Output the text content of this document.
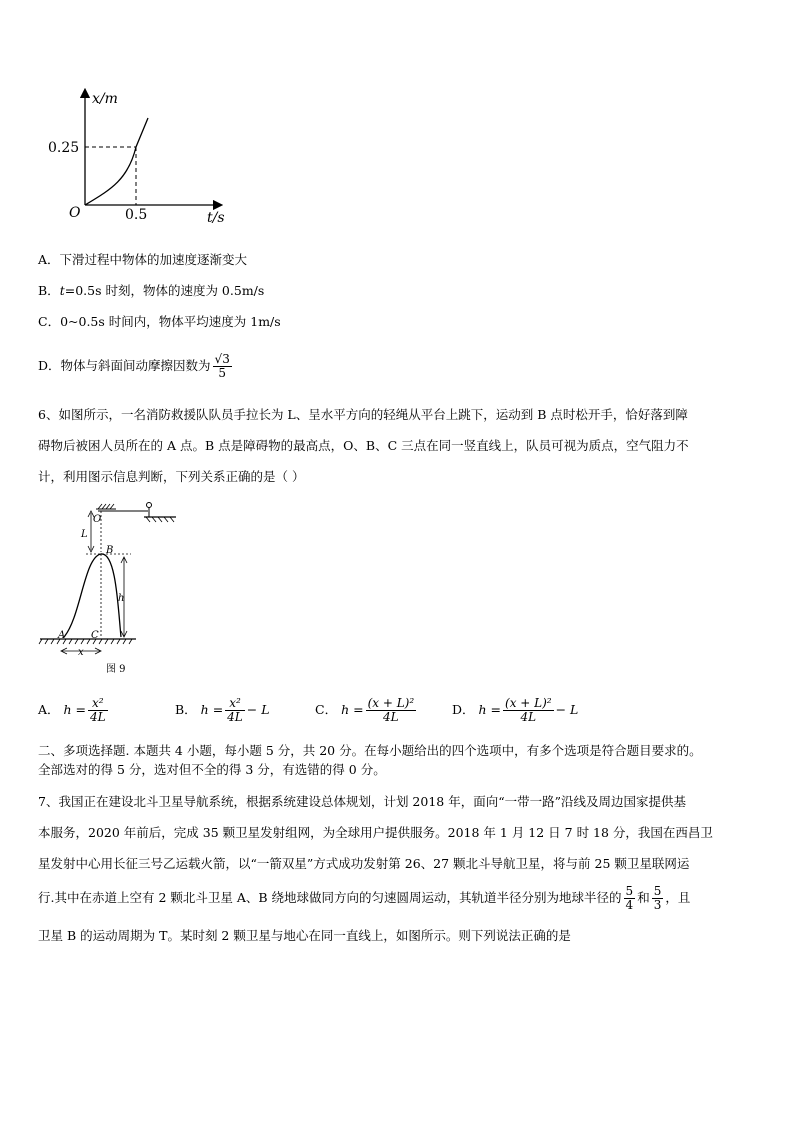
x/m
t/s
O
0.25
0.5
A．下滑过程中物体的加速度逐渐变大
B．t=0.5s 时刻，物体的速度为 0.5m/s
C．0~0.5s 时间内，物体平均速度为 1m/s
D．物体与斜面间动摩擦因数为 $\frac{√3}{5}$
6、如图所示，一名消防救援队队员手拉长为 L、呈水平方向的轻绳从平台上跳下，运动到 B 点时松开手，恰好落到障
碍物后被困人员所在的 A 点。B 点是障碍物的最高点，O、B、C 三点在同一竖直线上，队员可视为质点，空气阻力不
计，利用图示信息判断，下列关系正确的是（ ）
O
B
L
h
A	C
x
图 9
A． $h = \frac{\text{x²}}{4L}$	B． $h = \frac{\text{x²}}{4L} - L$	C． $h = \frac{\text{(x + L)²}}{4L}$	D． $h = \frac{\text{(x + L)²}}{4L} - L$
二、多项选择题. 本题共 4 小题，每小题 5 分，共 20 分。在每小题给出的四个选项中，有多个选项是符合题目要求的。
全部选对的得 5 分，选对但不全的得 3 分，有选错的得 0 分。
7、我国正在建设北斗卫星导航系统，根据系统建设总体规划，计划 2018 年，面向“一带一路”沿线及周边国家提供基
本服务，2020 年前后，完成 35 颗卫星发射组网，为全球用户提供服务。2018 年 1 月 12 日 7 时 18 分，我国在西昌卫
星发射中心用长征三号乙运载火箭，以“一箭双星”方式成功发射第 26、27 颗北斗导航卫星，将与前 25 颗卫星联网运
行.其中在赤道上空有 2 颗北斗卫星 A、B 绕地球做同方向的匀速圆周运动，其轨道半径分别为地球半径的 $\frac{5}{4}$ 和 $\frac{5}{3}$ ，且
卫星 B 的运动周期为 T。某时刻 2 颗卫星与地心在同一直线上，如图所示。则下列说法正确的是
